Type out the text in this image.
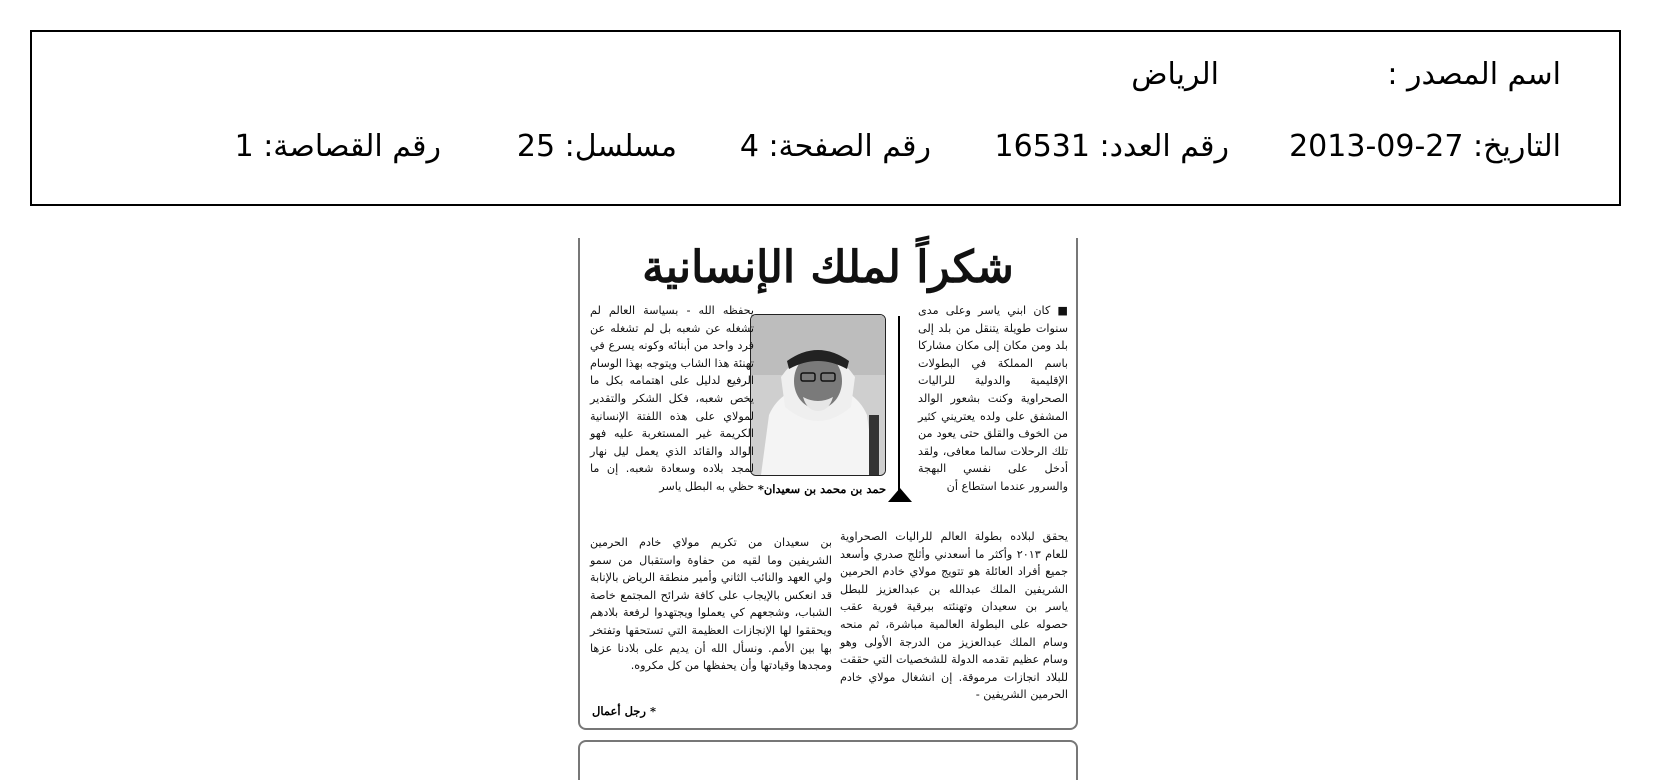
اسم المصدر :
الرياض
التاريخ: 27-09-2013
رقم العدد: 16531
رقم الصفحة: 4
مسلسل: 25
رقم القصاصة: 1
شكراً لملك الإنسانية
■ كان ابني ياسر وعلى مدى سنوات طويلة يتنقل من بلد إلى بلد ومن مكان إلى مكان مشاركا باسم المملكة في البطولات الإقليمية والدولية للراليات الصحراوية وكنت بشعور الوالد المشفق على ولده يعتريني كثير من الخوف والقلق حتى يعود من تلك الرحلات سالما معافى، ولقد أدخل على نفسي البهجة والسرور عندما استطاع أن
يحقق لبلاده بطولة العالم للراليات الصحراوية للعام ٢٠١٣ وأكثر ما أسعدني وأثلج صدري وأسعد جميع أفراد العائلة هو تتويج مولاي خادم الحرمين الشريفين الملك عبدالله بن عبدالعزيز للبطل ياسر بن سعيدان وتهنئته ببرقية فورية عقب حصوله على البطولة العالمية مباشرة، ثم منحه وسام الملك عبدالعزيز من الدرجة الأولى وهو وسام عظيم تقدمه الدولة للشخصيات التي حققت للبلاد انجازات مرموقة. إن انشغال مولاي خادم الحرمين الشريفين -
حمد بن محمد بن سعيدان*
يحفظه الله - بسياسة العالم لم تشغله عن شعبه بل لم تشغله عن فرد واحد من أبنائه وكونه يسرع في تهنئة هذا الشاب ويتوجه بهذا الوسام الرفيع لدليل على اهتمامه بكل ما يخص شعبه، فكل الشكر والتقدير لمولاي على هذه اللفتة الإنسانية الكريمة غير المستغربة عليه فهو الوالد والقائد الذي يعمل ليل نهار لمجد بلاده وسعادة شعبه. إن ما حظي به البطل ياسر
بن سعيدان من تكريم مولاي خادم الحرمين الشريفين وما لقيه من حفاوة واستقبال من سمو ولي العهد والنائب الثاني وأمير منطقة الرياض بالإنابة قد انعكس بالإيجاب على كافة شرائح المجتمع خاصة الشباب، وشجعهم كي يعملوا ويجتهدوا لرفعة بلادهم ويحققوا لها الإنجازات العظيمة التي تستحقها وتفتخر بها بين الأمم. ونسأل الله أن يديم على بلادنا عزها ومجدها وقيادتها وأن يحفظها من كل مكروه.
* رجل أعمال
